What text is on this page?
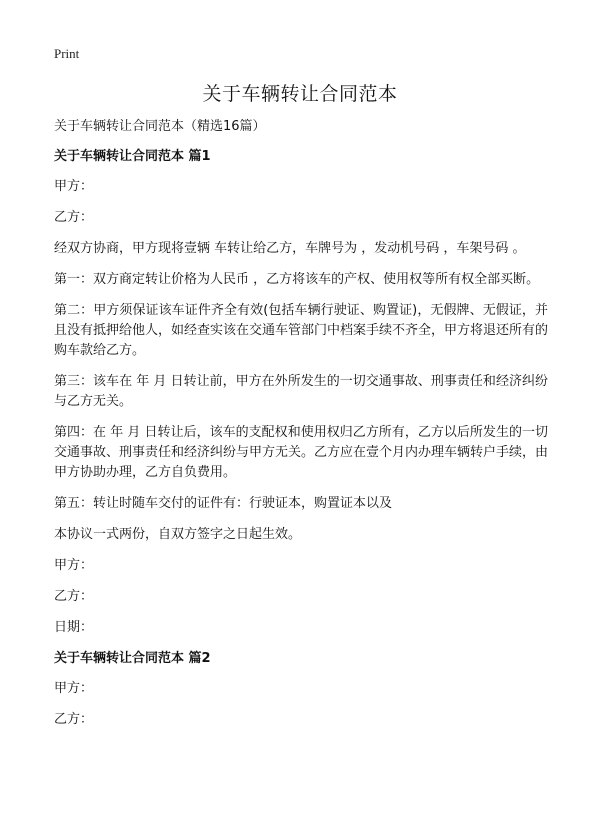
Print
关于车辆转让合同范本

关于车辆转让合同范本（精选16篇）

关于车辆转让合同范本 篇1

甲方：

乙方：

经双方协商，甲方现将壹辆 车转让给乙方，车牌号为 ，发动机号码 ，车架号码 。

第一：双方商定转让价格为人民币 ，乙方将该车的产权、使用权等所有权全部买断。

第二：甲方须保证该车证件齐全有效(包括车辆行驶证、购置证)，无假牌、无假证，并且没有抵押给他人，如经查实该在交通车管部门中档案手续不齐全，甲方将退还所有的购车款给乙方。

第三：该车在 年 月 日转让前，甲方在外所发生的一切交通事故、刑事责任和经济纠纷与乙方无关。

第四：在 年 月 日转让后，该车的支配权和使用权归乙方所有，乙方以后所发生的一切交通事故、刑事责任和经济纠纷与甲方无关。乙方应在壹个月内办理车辆转户手续，由甲方协助办理，乙方自负费用。

第五：转让时随车交付的证件有：行驶证本，购置证本以及

本协议一式两份，自双方签字之日起生效。

甲方：

乙方：

日期：

关于车辆转让合同范本 篇2

甲方：

乙方：
